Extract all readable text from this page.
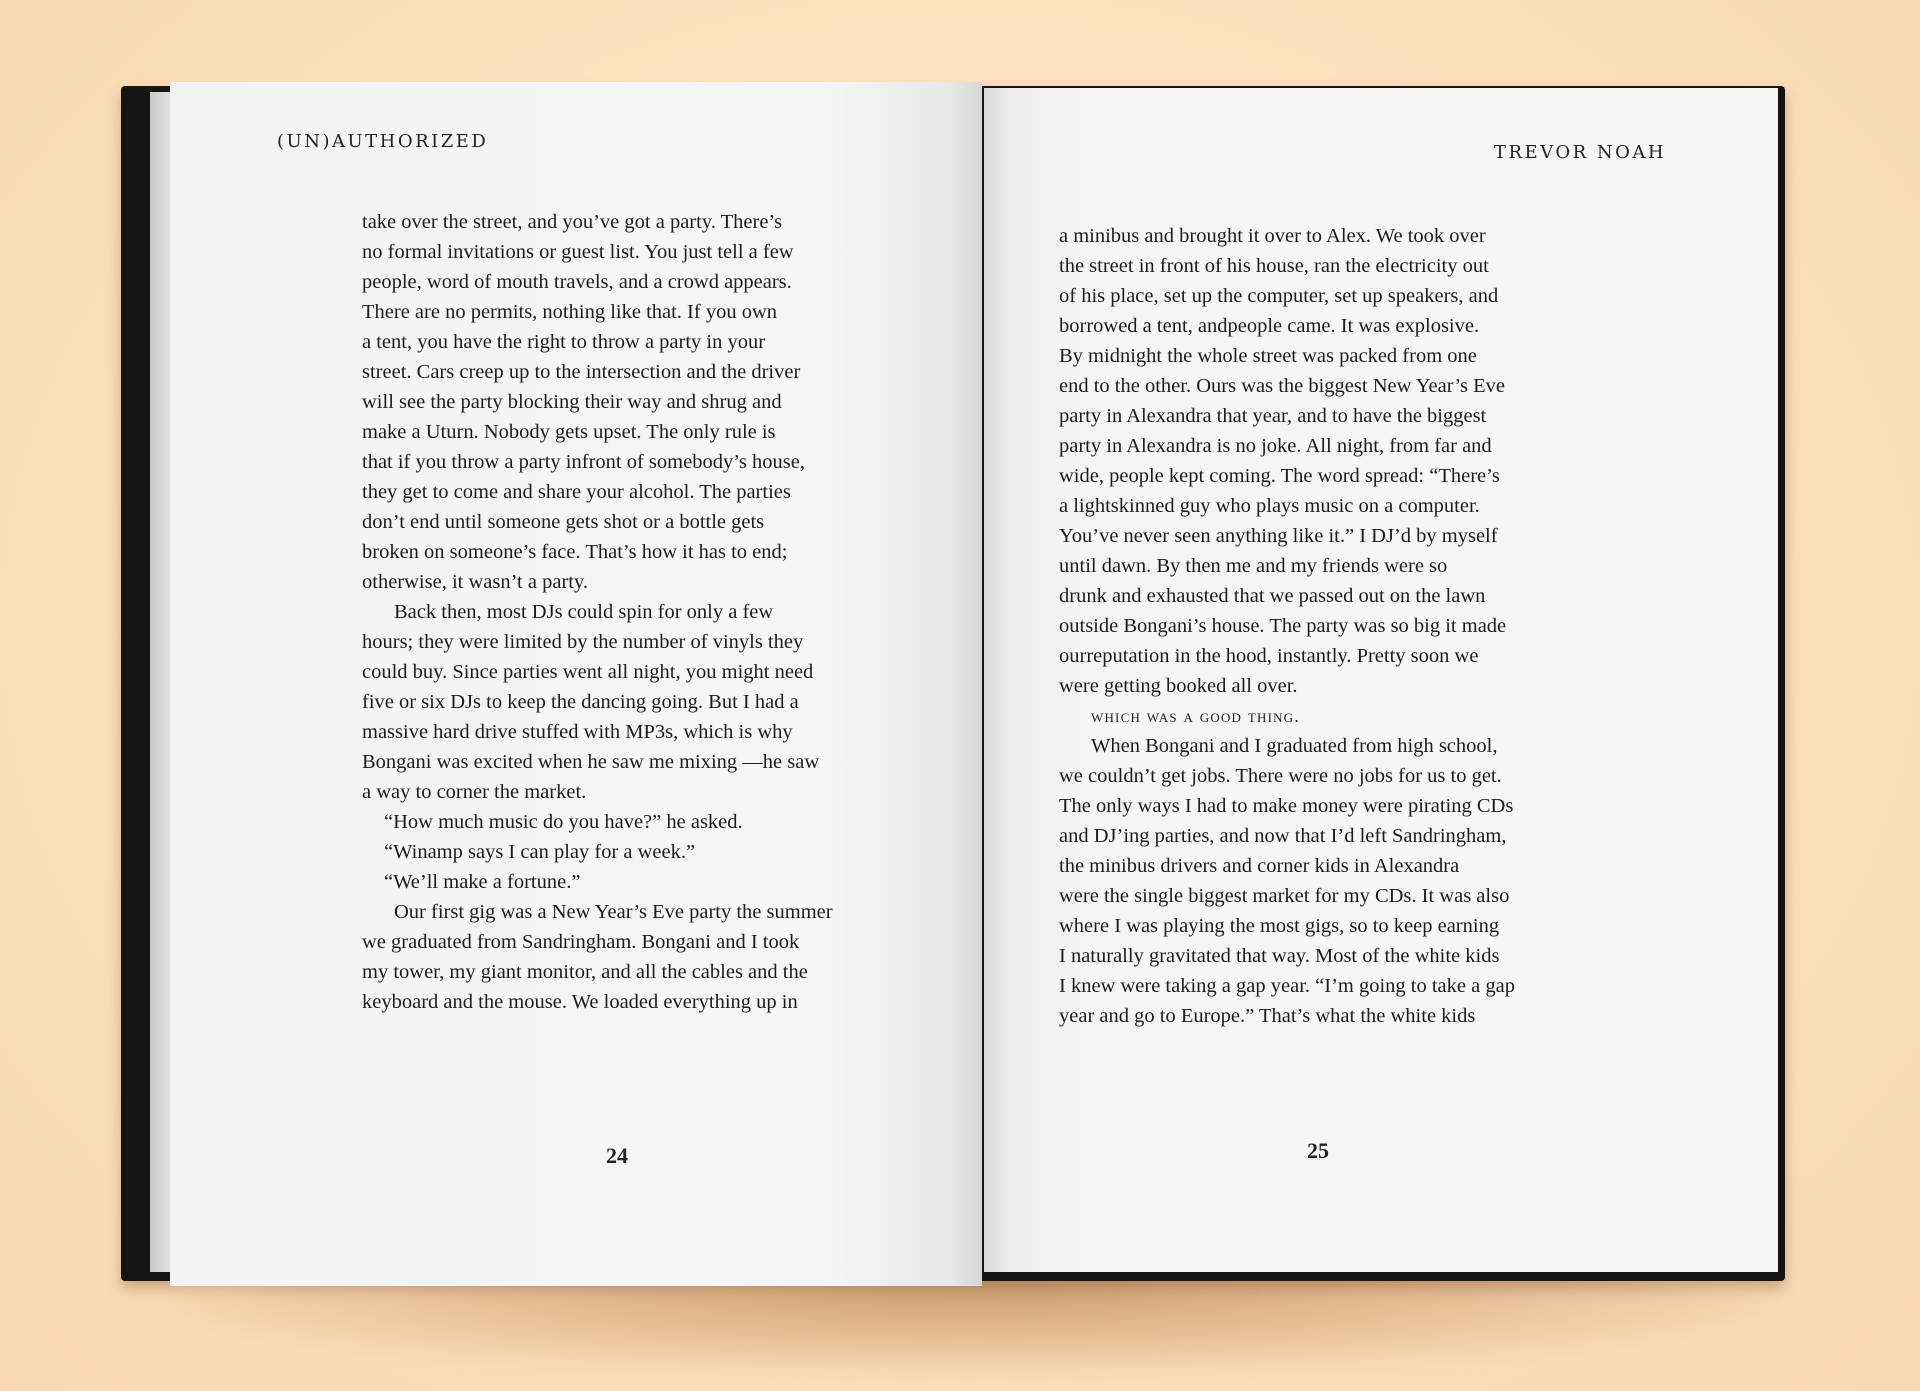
(UN)AUTHORIZED
TREVOR NOAH
take over the street, and you’ve got a party. There’s
no formal invitations or guest list. You just tell a few
people, word of mouth travels, and a crowd appears.
There are no permits, nothing like that. If you own
a tent, you have the right to throw a party in your
street. Cars creep up to the intersection and the driver
will see the party blocking their way and shrug and
make a Uturn. Nobody gets upset. The only rule is
that if you throw a party infront of somebody’s house,
they get to come and share your alcohol. The parties
don’t end until someone gets shot or a bottle gets
broken on someone’s face. That’s how it has to end;
otherwise, it wasn’t a party.
Back then, most DJs could spin for only a few
hours; they were limited by the number of vinyls they
could buy. Since parties went all night, you might need
five or six DJs to keep the dancing going. But I had a
massive hard drive stuffed with MP3s, which is why
Bongani was excited when he saw me mixing —he saw
a way to corner the market.
“How much music do you have?” he asked.
“Winamp says I can play for a week.”
“We’ll make a fortune.”
Our first gig was a New Year’s Eve party the summer
we graduated from Sandringham. Bongani and I took
my tower, my giant monitor, and all the cables and the
keyboard and the mouse. We loaded everything up in
a minibus and brought it over to Alex. We took over
the street in front of his house, ran the electricity out
of his place, set up the computer, set up speakers, and
borrowed a tent, andpeople came. It was explosive.
By midnight the whole street was packed from one
end to the other. Ours was the biggest New Year’s Eve
party in Alexandra that year, and to have the biggest
party in Alexandra is no joke. All night, from far and
wide, people kept coming. The word spread: “There’s
a lightskinned guy who plays music on a computer.
You’ve never seen anything like it.” I DJ’d by myself
until dawn. By then me and my friends were so
drunk and exhausted that we passed out on the lawn
outside Bongani’s house. The party was so big it made
ourreputation in the hood, instantly. Pretty soon we
were getting booked all over.
which was a good thing.
When Bongani and I graduated from high school,
we couldn’t get jobs. There were no jobs for us to get.
The only ways I had to make money were pirating CDs
and DJ’ing parties, and now that I’d left Sandringham,
the minibus drivers and corner kids in Alexandra
were the single biggest market for my CDs. It was also
where I was playing the most gigs, so to keep earning
I naturally gravitated that way. Most of the white kids
I knew were taking a gap year. “I’m going to take a gap
year and go to Europe.” That’s what the white kids
24	25
